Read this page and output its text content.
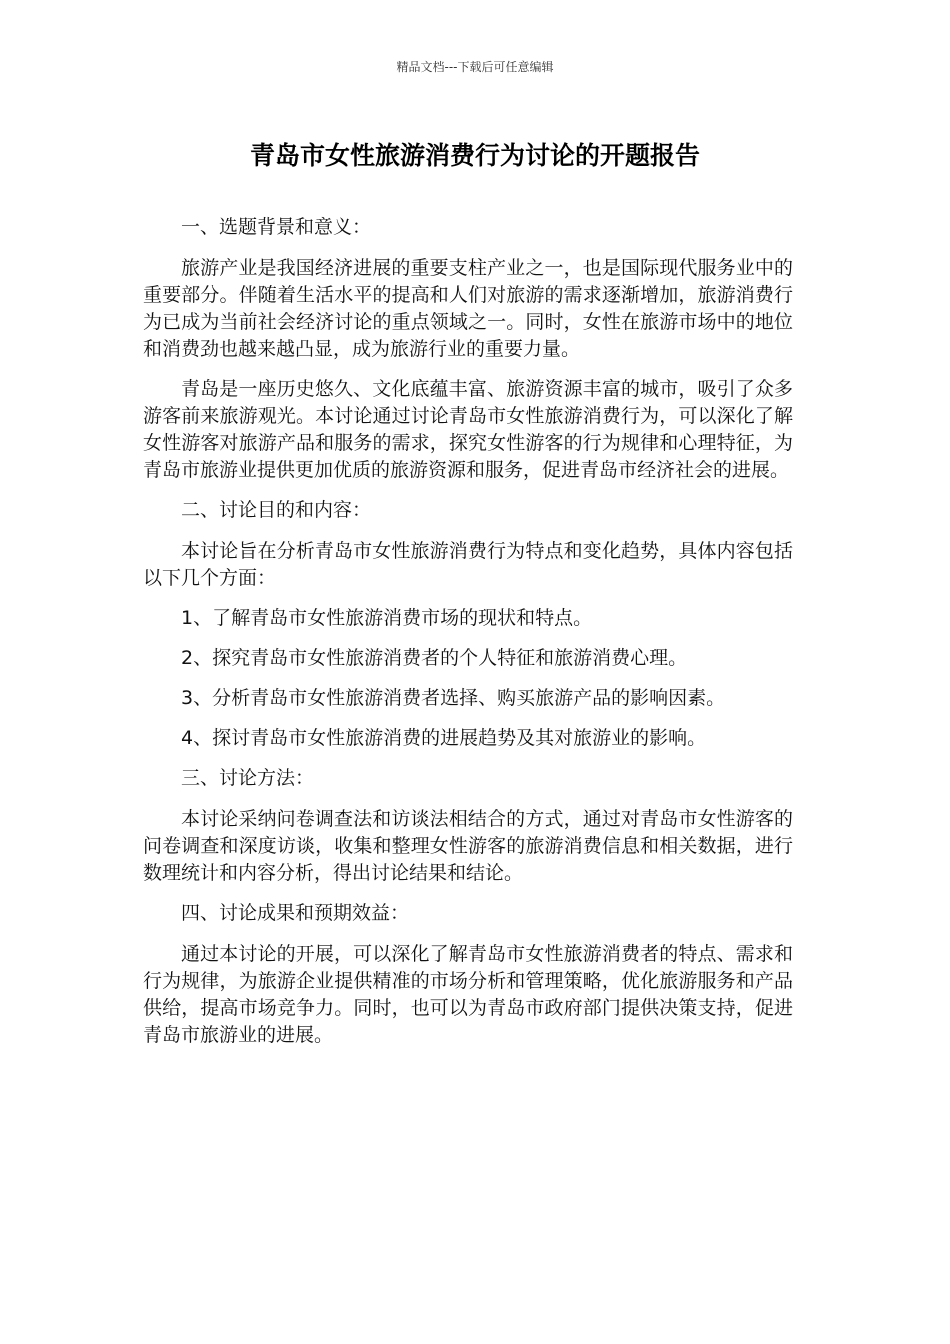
精品文档---下载后可任意编辑
青岛市女性旅游消费行为讨论的开题报告

一、选题背景和意义：

旅游产业是我国经济进展的重要支柱产业之一，也是国际现代服务业中的重要部分。伴随着生活水平的提高和人们对旅游的需求逐渐增加，旅游消费行为已成为当前社会经济讨论的重点领域之一。同时，女性在旅游市场中的地位和消费劲也越来越凸显，成为旅游行业的重要力量。

青岛是一座历史悠久、文化底蕴丰富、旅游资源丰富的城市，吸引了众多游客前来旅游观光。本讨论通过讨论青岛市女性旅游消费行为，可以深化了解女性游客对旅游产品和服务的需求，探究女性游客的行为规律和心理特征，为青岛市旅游业提供更加优质的旅游资源和服务，促进青岛市经济社会的进展。

二、讨论目的和内容：

本讨论旨在分析青岛市女性旅游消费行为特点和变化趋势，具体内容包括以下几个方面：

1、了解青岛市女性旅游消费市场的现状和特点。

2、探究青岛市女性旅游消费者的个人特征和旅游消费心理。

3、分析青岛市女性旅游消费者选择、购买旅游产品的影响因素。

4、探讨青岛市女性旅游消费的进展趋势及其对旅游业的影响。

三、讨论方法：

本讨论采纳问卷调查法和访谈法相结合的方式，通过对青岛市女性游客的问卷调查和深度访谈，收集和整理女性游客的旅游消费信息和相关数据，进行数理统计和内容分析，得出讨论结果和结论。

四、讨论成果和预期效益：

通过本讨论的开展，可以深化了解青岛市女性旅游消费者的特点、需求和行为规律，为旅游企业提供精准的市场分析和管理策略，优化旅游服务和产品供给，提高市场竞争力。同时，也可以为青岛市政府部门提供决策支持，促进青岛市旅游业的进展。
